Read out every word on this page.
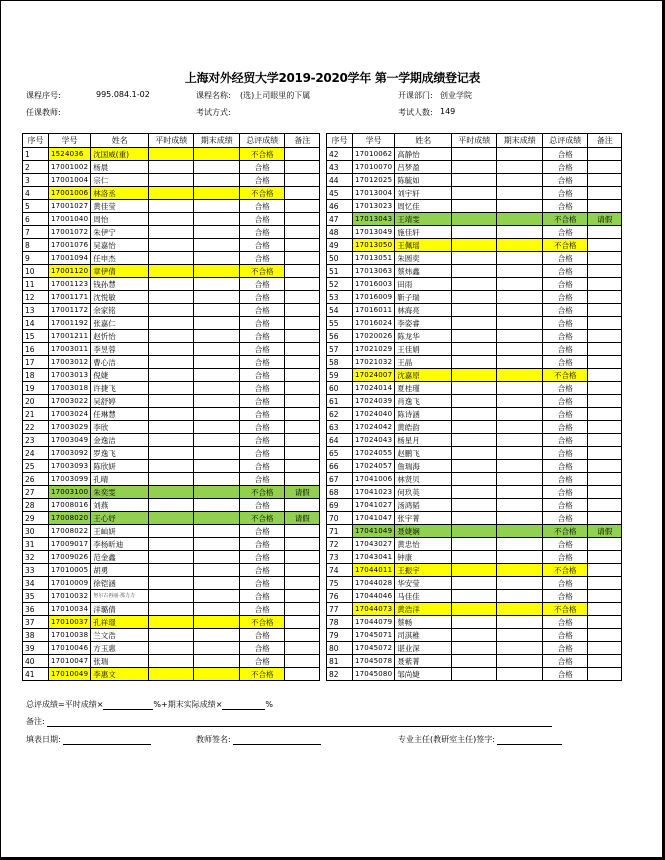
上海对外经贸大学2019-2020学年 第一学期成绩登记表
课程序号:	995.084.1-02	课程名称: (选)上司眼里的下属	开课部门: 创业学院
任课教师:	考试方式:	考试人数: 149
序号	学号	姓名	平时成绩	期末成绩	总评成绩	备注
1	1524036	沈国威(重)			不合格	
2	17001002	杨晨			合格	
3	17001004	宗仁			合格	
4	17001006	林洛丞			不合格	
5	17001027	黄佳莹			合格	
6	17001040	周怡			合格	
7	17001072	朱伊宁			合格	
8	17001076	吴嘉怡			合格	
9	17001094	任申杰			合格	
10	17001120	章伊倩			不合格	
11	17001123	钱孙慧			合格	
12	17001171	沈悦敏			合格	
13	17001172	余家铭			合格	
14	17001192	张嘉仁			合格	
15	17001211	赵忻怡			合格	
16	17003011	李昱蓉			合格	
17	17003012	曹心洁			合格	
18	17003013	倪婕			合格	
19	17003018	许捷飞			合格	
20	17003022	吴舒婷			合格	
21	17003024	任琳慧			合格	
22	17003029	李欣			合格	
23	17003049	金逸洁			合格	
24	17003092	罗逸飞			合格	
25	17003093	陈欣妍			合格	
26	17003099	孔晴			合格	
27	17003100	朱奕雯			不合格	请假
28	17008016	刘燕			合格	
29	17008020	王心妤			不合格	请假
30	17008022	王屾妍			合格	
31	17009017	李杨昕迪			合格	
32	17009026	范金鑫			合格	
33	17010005	胡勇			合格	
34	17010009	徐铠涵			合格	
35	17010032	努尔古再丽·那力力			合格	
36	17010034	洋璐倩			合格	
37	17010037	孔祥璟			不合格	
38	17010038	兰文浩			合格	
39	17010046	方玉惠			合格	
40	17010047	张瑞			合格	
41	17010049	李惠文			不合格	
序号	学号	姓名	平时成绩	期末成绩	总评成绩	备注
42	17010062	高静怡			合格	
43	17010070	吕梦盈			合格	
44	17012025	陈毓如			合格	
45	17013004	刘宇轩			合格	
46	17013023	周忆佳			合格	
47	17013043	王靖雯			不合格	请假
48	17013049	施佳轩			合格	
49	17013050	王佩瑶			不合格	
50	17013051	朱圆奕			合格	
51	17013063	蔡炜鑫			合格	
52	17016003	田雨			合格	
53	17016009	靳子瑞			合格	
54	17016011	林海亮			合格	
55	17016024	李姿睿			合格	
56	17020026	陈龙华			合格	
57	17021029	王佳娟			合格	
58	17021032	王晶			合格	
59	17024007	沈嘉原			不合格	
60	17024014	夏桂瑾			合格	
61	17024039	肖逸飞			合格	
62	17024040	陈诗涵			合格	
63	17024042	黄皓韵			合格	
64	17024043	杨星月			合格	
65	17024055	赵鹏飞			合格	
66	17024057	詹瑞海			合格	
67	17041006	林贤贝			合格	
68	17041023	何玖英			合格	
69	17041027	汤鸿韬			合格	
70	17041047	张宇菁			合格	
71	17041049	聂婕娴			不合格	请假
72	17043027	黄忠怡			合格	
73	17043041	钟康			合格	
74	17044011	王振宇			不合格	
75	17044028	华安莹			合格	
76	17044046	马佳佳			合格	
77	17044073	黄浩洋			不合格	
78	17044079	蔡畅			合格	
79	17045071	司淇稚			合格	
80	17045072	谌业深			合格	
81	17045078	聂紫菁			合格	
82	17045080	邹尚婕			合格	
总评成绩=平时成绩×	%+期末实际成绩×	%
备注:
填表日期:	教师签名:	专业主任(教研室主任)签字:
